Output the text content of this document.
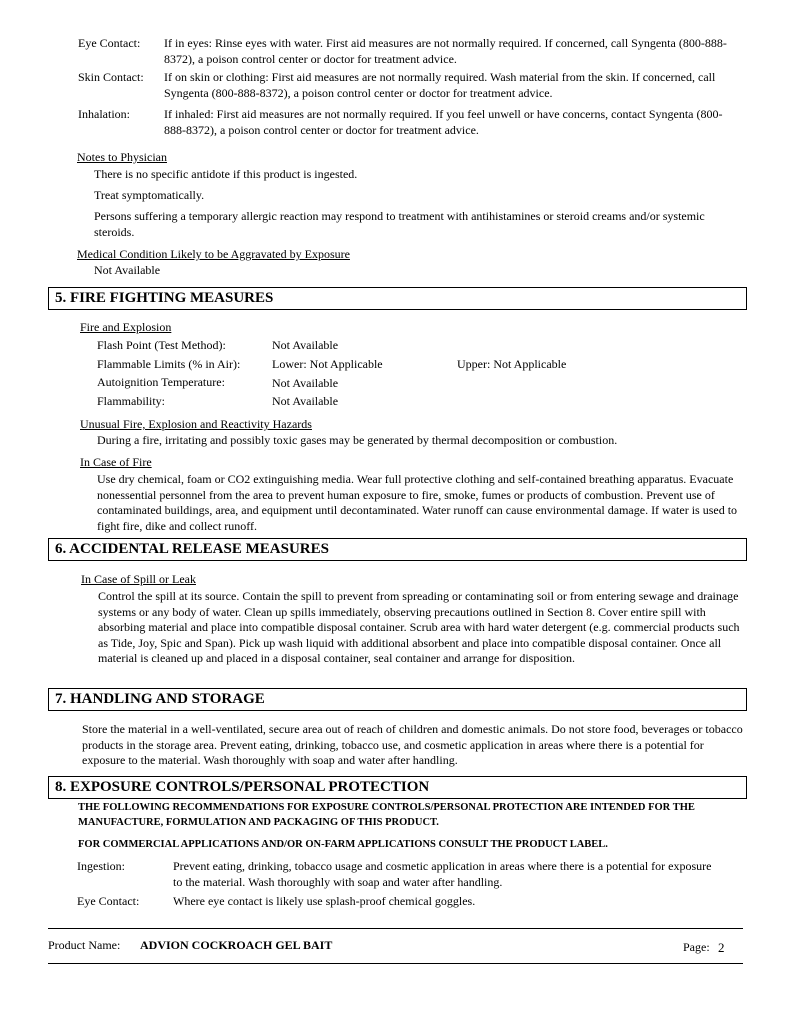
Eye Contact: If in eyes: Rinse eyes with water. First aid measures are not normally required. If concerned, call Syngenta (800-888-8372), a poison control center or doctor for treatment advice.
Skin Contact: If on skin or clothing: First aid measures are not normally required. Wash material from the skin. If concerned, call Syngenta (800-888-8372), a poison control center or doctor for treatment advice.
Inhalation:	If inhaled: First aid measures are not normally required. If you feel unwell or have concerns, contact Syngenta (800-888-8372), a poison control center or doctor for treatment advice.
Notes to Physician
There is no specific antidote if this product is ingested.
Treat symptomatically.
Persons suffering a temporary allergic reaction may respond to treatment with antihistamines or steroid creams and/or systemic steroids.
Medical Condition Likely to be Aggravated by Exposure
Not Available
5. FIRE FIGHTING MEASURES
Fire and Explosion
Flash Point (Test Method):	Not Available
Flammable Limits (% in Air):	Lower: Not Applicable	Upper: Not Applicable
Autoignition Temperature:	Not Available
Flammability:	Not Available
Unusual Fire, Explosion and Reactivity Hazards
During a fire, irritating and possibly toxic gases may be generated by thermal decomposition or combustion.
In Case of Fire
Use dry chemical, foam or CO2 extinguishing media. Wear full protective clothing and self-contained breathing apparatus. Evacuate nonessential personnel from the area to prevent human exposure to fire, smoke, fumes or products of combustion. Prevent use of contaminated buildings, area, and equipment until decontaminated. Water runoff can cause environmental damage. If water is used to fight fire, dike and collect runoff.
6. ACCIDENTAL RELEASE MEASURES
In Case of Spill or Leak
Control the spill at its source. Contain the spill to prevent from spreading or contaminating soil or from entering sewage and drainage systems or any body of water. Clean up spills immediately, observing precautions outlined in Section 8. Cover entire spill with absorbing material and place into compatible disposal container. Scrub area with hard water detergent (e.g. commercial products such as Tide, Joy, Spic and Span). Pick up wash liquid with additional absorbent and place into compatible disposal container. Once all material is cleaned up and placed in a disposal container, seal container and arrange for disposition.
7. HANDLING AND STORAGE
Store the material in a well-ventilated, secure area out of reach of children and domestic animals. Do not store food, beverages or tobacco products in the storage area. Prevent eating, drinking, tobacco use, and cosmetic application in areas where there is a potential for exposure to the material. Wash thoroughly with soap and water after handling.
8. EXPOSURE CONTROLS/PERSONAL PROTECTION
THE FOLLOWING RECOMMENDATIONS FOR EXPOSURE CONTROLS/PERSONAL PROTECTION ARE INTENDED FOR THE MANUFACTURE, FORMULATION AND PACKAGING OF THIS PRODUCT.
FOR COMMERCIAL APPLICATIONS AND/OR ON-FARM APPLICATIONS CONSULT THE PRODUCT LABEL.
Ingestion:	Prevent eating, drinking, tobacco usage and cosmetic application in areas where there is a potential for exposure to the material. Wash thoroughly with soap and water after handling.
Eye Contact:	Where eye contact is likely use splash-proof chemical goggles.
Product Name: ADVION COCKROACH GEL BAIT	Page: 2
